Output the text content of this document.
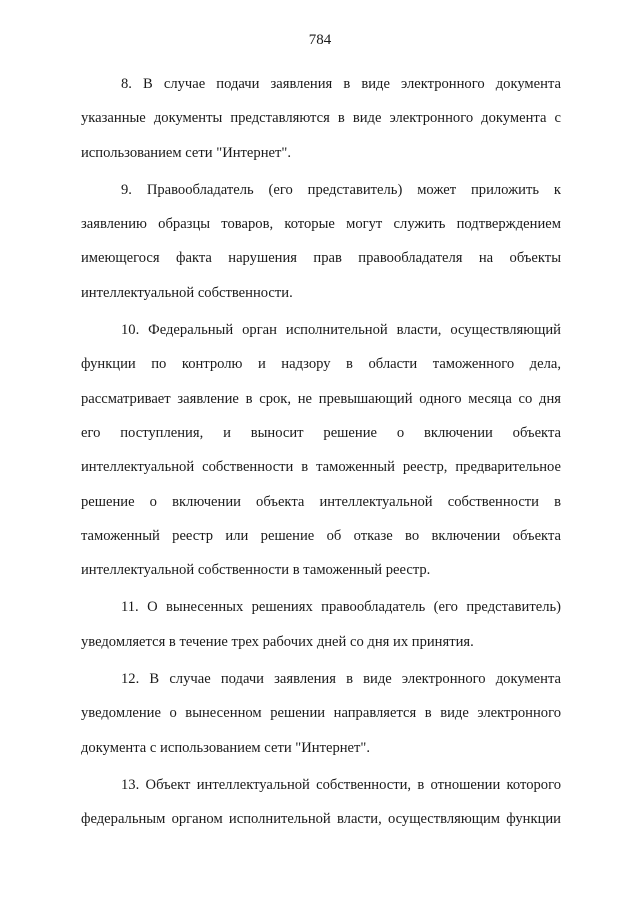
784

8. В случае подачи заявления в виде электронного документа
указанные документы представляются в виде электронного документа с
использованием сети "Интернет".

9. Правообладатель (его представитель) может приложить к
заявлению образцы товаров, которые могут служить подтверждением
имеющегося факта нарушения прав правообладателя на объекты
интеллектуальной собственности.

10. Федеральный орган исполнительной власти, осуществляющий
функции по контролю и надзору в области таможенного дела,
рассматривает заявление в срок, не превышающий одного месяца со дня
его поступления, и выносит решение о включении объекта
интеллектуальной собственности в таможенный реестр, предварительное
решение о включении объекта интеллектуальной собственности в
таможенный реестр или решение об отказе во включении объекта
интеллектуальной собственности в таможенный реестр.

11. О вынесенных решениях правообладатель (его представитель)
уведомляется в течение трех рабочих дней со дня их принятия.

12. В случае подачи заявления в виде электронного документа
уведомление о вынесенном решении направляется в виде электронного
документа с использованием сети "Интернет".

13. Объект интеллектуальной собственности, в отношении которого
федеральным органом исполнительной власти, осуществляющим функции
